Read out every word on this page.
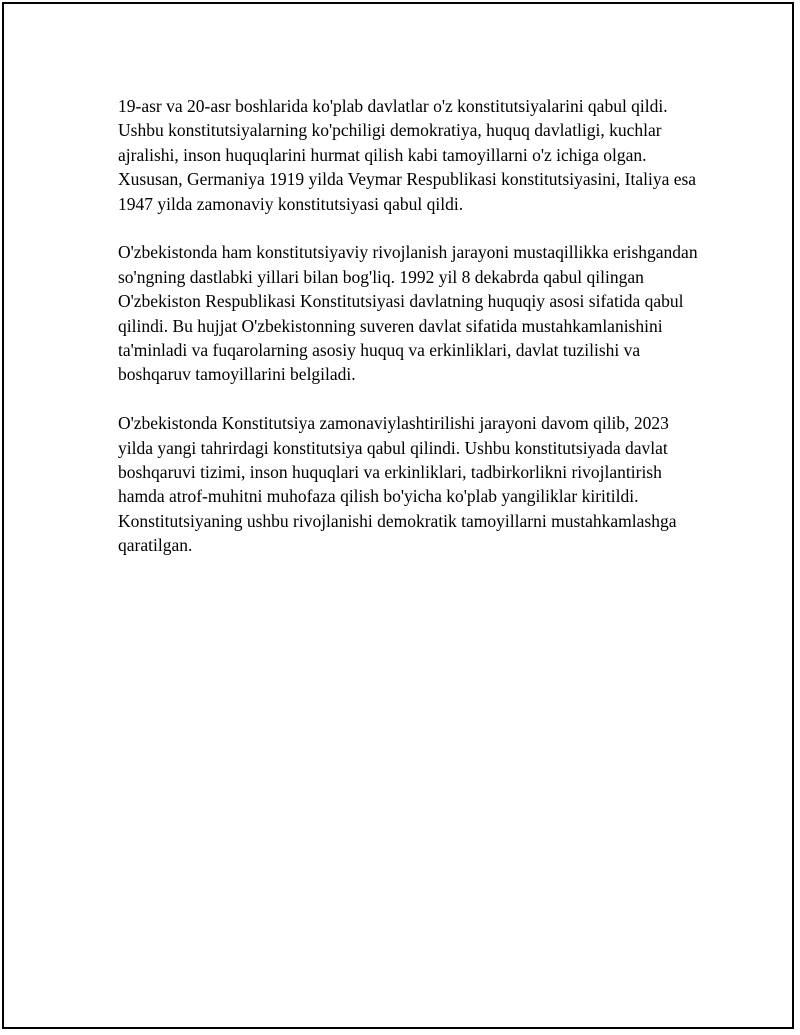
19-asr va 20-asr boshlarida ko'plab davlatlar o'z konstitutsiyalarini qabul qildi. Ushbu konstitutsiyalarning ko'pchiligi demokratiya, huquq davlatligi, kuchlar ajralishi, inson huquqlarini hurmat qilish kabi tamoyillarni o'z ichiga olgan. Xususan, Germaniya 1919 yilda Veymar Respublikasi konstitutsiyasini, Italiya esa 1947 yilda zamonaviy konstitutsiyasi qabul qildi.

O'zbekistonda ham konstitutsiyaviy rivojlanish jarayoni mustaqillikka erishgandan so'ngning dastlabki yillari bilan bog'liq. 1992 yil 8 dekabrda qabul qilingan O'zbekiston Respublikasi Konstitutsiyasi davlatning huquqiy asosi sifatida qabul qilindi. Bu hujjat O'zbekistonning suveren davlat sifatida mustahkamlanishini ta'minladi va fuqarolarning asosiy huquq va erkinliklari, davlat tuzilishi va boshqaruv tamoyillarini belgiladi.

O'zbekistonda Konstitutsiya zamonaviylashtirilishi jarayoni davom qilib, 2023 yilda yangi tahrirdagi konstitutsiya qabul qilindi. Ushbu konstitutsiyada davlat boshqaruvi tizimi, inson huquqlari va erkinliklari, tadbirkorlikni rivojlantirish hamda atrof-muhitni muhofaza qilish bo'yicha ko'plab yangiliklar kiritildi. Konstitutsiyaning ushbu rivojlanishi demokratik tamoyillarni mustahkamlashga qaratilgan.
